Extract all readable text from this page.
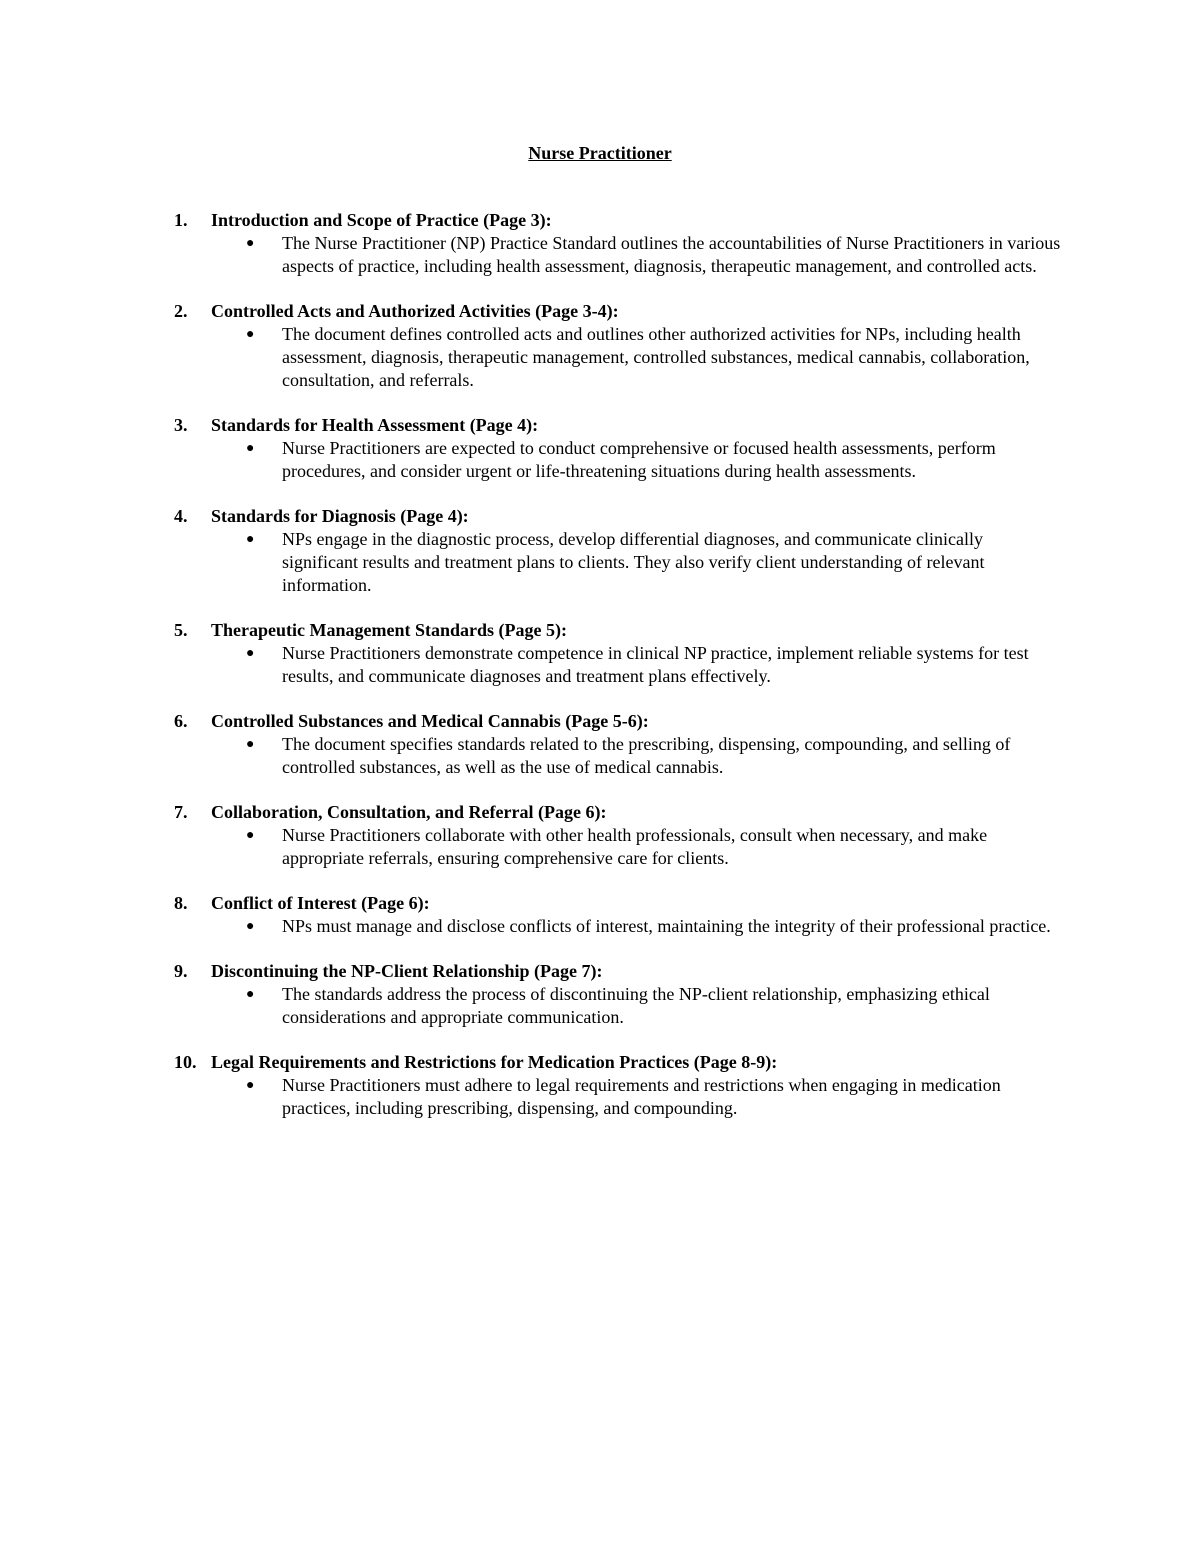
Nurse Practitioner
1. Introduction and Scope of Practice (Page 3):
● The Nurse Practitioner (NP) Practice Standard outlines the accountabilities of Nurse Practitioners in various aspects of practice, including health assessment, diagnosis, therapeutic management, and controlled acts.
2. Controlled Acts and Authorized Activities (Page 3-4):
● The document defines controlled acts and outlines other authorized activities for NPs, including health assessment, diagnosis, therapeutic management, controlled substances, medical cannabis, collaboration, consultation, and referrals.
3. Standards for Health Assessment (Page 4):
● Nurse Practitioners are expected to conduct comprehensive or focused health assessments, perform procedures, and consider urgent or life-threatening situations during health assessments.
4. Standards for Diagnosis (Page 4):
● NPs engage in the diagnostic process, develop differential diagnoses, and communicate clinically significant results and treatment plans to clients. They also verify client understanding of relevant information.
5. Therapeutic Management Standards (Page 5):
● Nurse Practitioners demonstrate competence in clinical NP practice, implement reliable systems for test results, and communicate diagnoses and treatment plans effectively.
6. Controlled Substances and Medical Cannabis (Page 5-6):
● The document specifies standards related to the prescribing, dispensing, compounding, and selling of controlled substances, as well as the use of medical cannabis.
7. Collaboration, Consultation, and Referral (Page 6):
● Nurse Practitioners collaborate with other health professionals, consult when necessary, and make appropriate referrals, ensuring comprehensive care for clients.
8. Conflict of Interest (Page 6):
● NPs must manage and disclose conflicts of interest, maintaining the integrity of their professional practice.
9. Discontinuing the NP-Client Relationship (Page 7):
● The standards address the process of discontinuing the NP-client relationship, emphasizing ethical considerations and appropriate communication.
10. Legal Requirements and Restrictions for Medication Practices (Page 8-9):
● Nurse Practitioners must adhere to legal requirements and restrictions when engaging in medication practices, including prescribing, dispensing, and compounding.
